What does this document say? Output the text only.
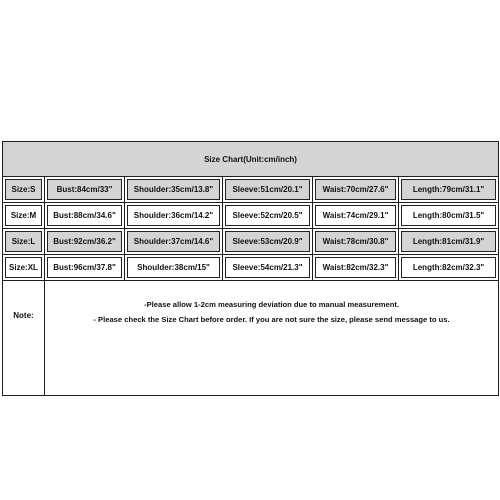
Size Chart(Unit:cm/inch)					

Size:S	Bust:84cm/33"	Shoulder:35cm/13.8"	Sleeve:51cm/20.1"	Waist:70cm/27.6"	Length:79cm/31.1"

Size:M	Bust:88cm/34.6"	Shoulder:36cm/14.2"	Sleeve:52cm/20.5"	Waist:74cm/29.1"	Length:80cm/31.5"

Size:L	Bust:92cm/36.2"	Shoulder:37cm/14.6"	Sleeve:53cm/20.9"	Waist:78cm/30.8"	Length:81cm/31.9"

Size:XL	Bust:96cm/37.8"	Shoulder:38cm/15"	Sleeve:54cm/21.3"	Waist:82cm/32.3"	Length:82cm/32.3"

Note:	-Please allow 1-2cm measuring deviation due to manual measurement.
- Please check the Size Chart before order. If you are not sure the size, please send message to us.				
